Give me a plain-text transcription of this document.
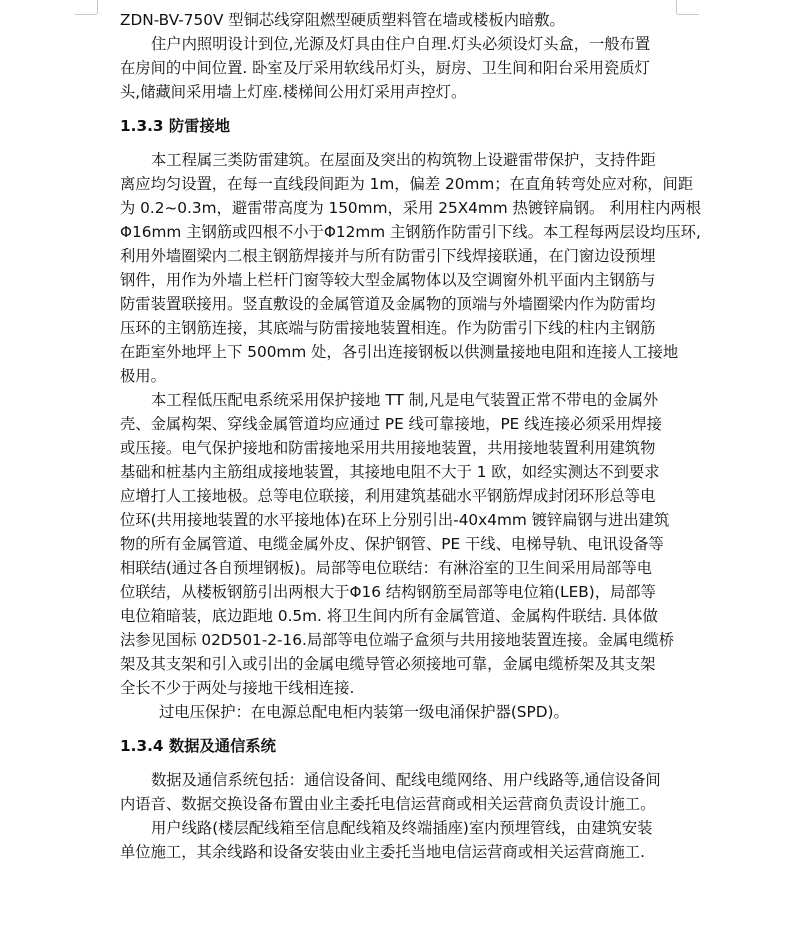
ZDN-BV-750V 型铜芯线穿阻燃型硬质塑料管在墙或楼板内暗敷。
住户内照明设计到位,光源及灯具由住户自理.灯头必须设灯头盒，一般布置
在房间的中间位置. 卧室及厅采用软线吊灯头，厨房、卫生间和阳台采用瓷质灯
头,储藏间采用墙上灯座.楼梯间公用灯采用声控灯。
1.3.3 防雷接地
本工程属三类防雷建筑。在屋面及突出的构筑物上设避雷带保护，支持件距
离应均匀设置，在每一直线段间距为 1m，偏差 20mm；在直角转弯处应对称，间距
为 0.2~0.3m，避雷带高度为 150mm，采用 25X4mm 热镀锌扁钢。 利用柱内两根
Φ16mm 主钢筋或四根不小于Φ12mm 主钢筋作防雷引下线。本工程每两层设均压环,
利用外墙圈梁内二根主钢筋焊接并与所有防雷引下线焊接联通，在门窗边设预埋
钢件，用作为外墙上栏杆门窗等较大型金属物体以及空调窗外机平面内主钢筋与
防雷装置联接用。竖直敷设的金属管道及金属物的顶端与外墙圈梁内作为防雷均
压环的主钢筋连接，其底端与防雷接地装置相连。作为防雷引下线的柱内主钢筋
在距室外地坪上下 500mm 处，各引出连接钢板以供测量接地电阻和连接人工接地
极用。
本工程低压配电系统采用保护接地 TT 制,凡是电气装置正常不带电的金属外
壳、金属构架、穿线金属管道均应通过 PE 线可靠接地，PE 线连接必须采用焊接
或压接。电气保护接地和防雷接地采用共用接地装置，共用接地装置利用建筑物
基础和桩基内主筋组成接地装置，其接地电阻不大于 1 欧，如经实测达不到要求
应增打人工接地极。总等电位联接，利用建筑基础水平钢筋焊成封闭环形总等电
位环(共用接地装置的水平接地体)在环上分别引出-40x4mm 镀锌扁钢与进出建筑
物的所有金属管道、电缆金属外皮、保护钢管、PE 干线、电梯导轨、电讯设备等
相联结(通过各自预埋钢板)。局部等电位联结：有淋浴室的卫生间采用局部等电
位联结，从楼板钢筋引出两根大于Φ16 结构钢筋至局部等电位箱(LEB)，局部等
电位箱暗装，底边距地 0.5m. 将卫生间内所有金属管道、金属构件联结. 具体做
法参见国标 02D501-2-16.局部等电位端子盒须与共用接地装置连接。金属电缆桥
架及其支架和引入或引出的金属电缆导管必须接地可靠，金属电缆桥架及其支架
全长不少于两处与接地干线相连接.
过电压保护：在电源总配电柜内装第一级电涌保护器(SPD)。
1.3.4 数据及通信系统
数据及通信系统包括：通信设备间、配线电缆网络、用户线路等,通信设备间
内语音、数据交换设备布置由业主委托电信运营商或相关运营商负责设计施工。
用户线路(楼层配线箱至信息配线箱及终端插座)室内预埋管线，由建筑安装
单位施工，其余线路和设备安装由业主委托当地电信运营商或相关运营商施工.
